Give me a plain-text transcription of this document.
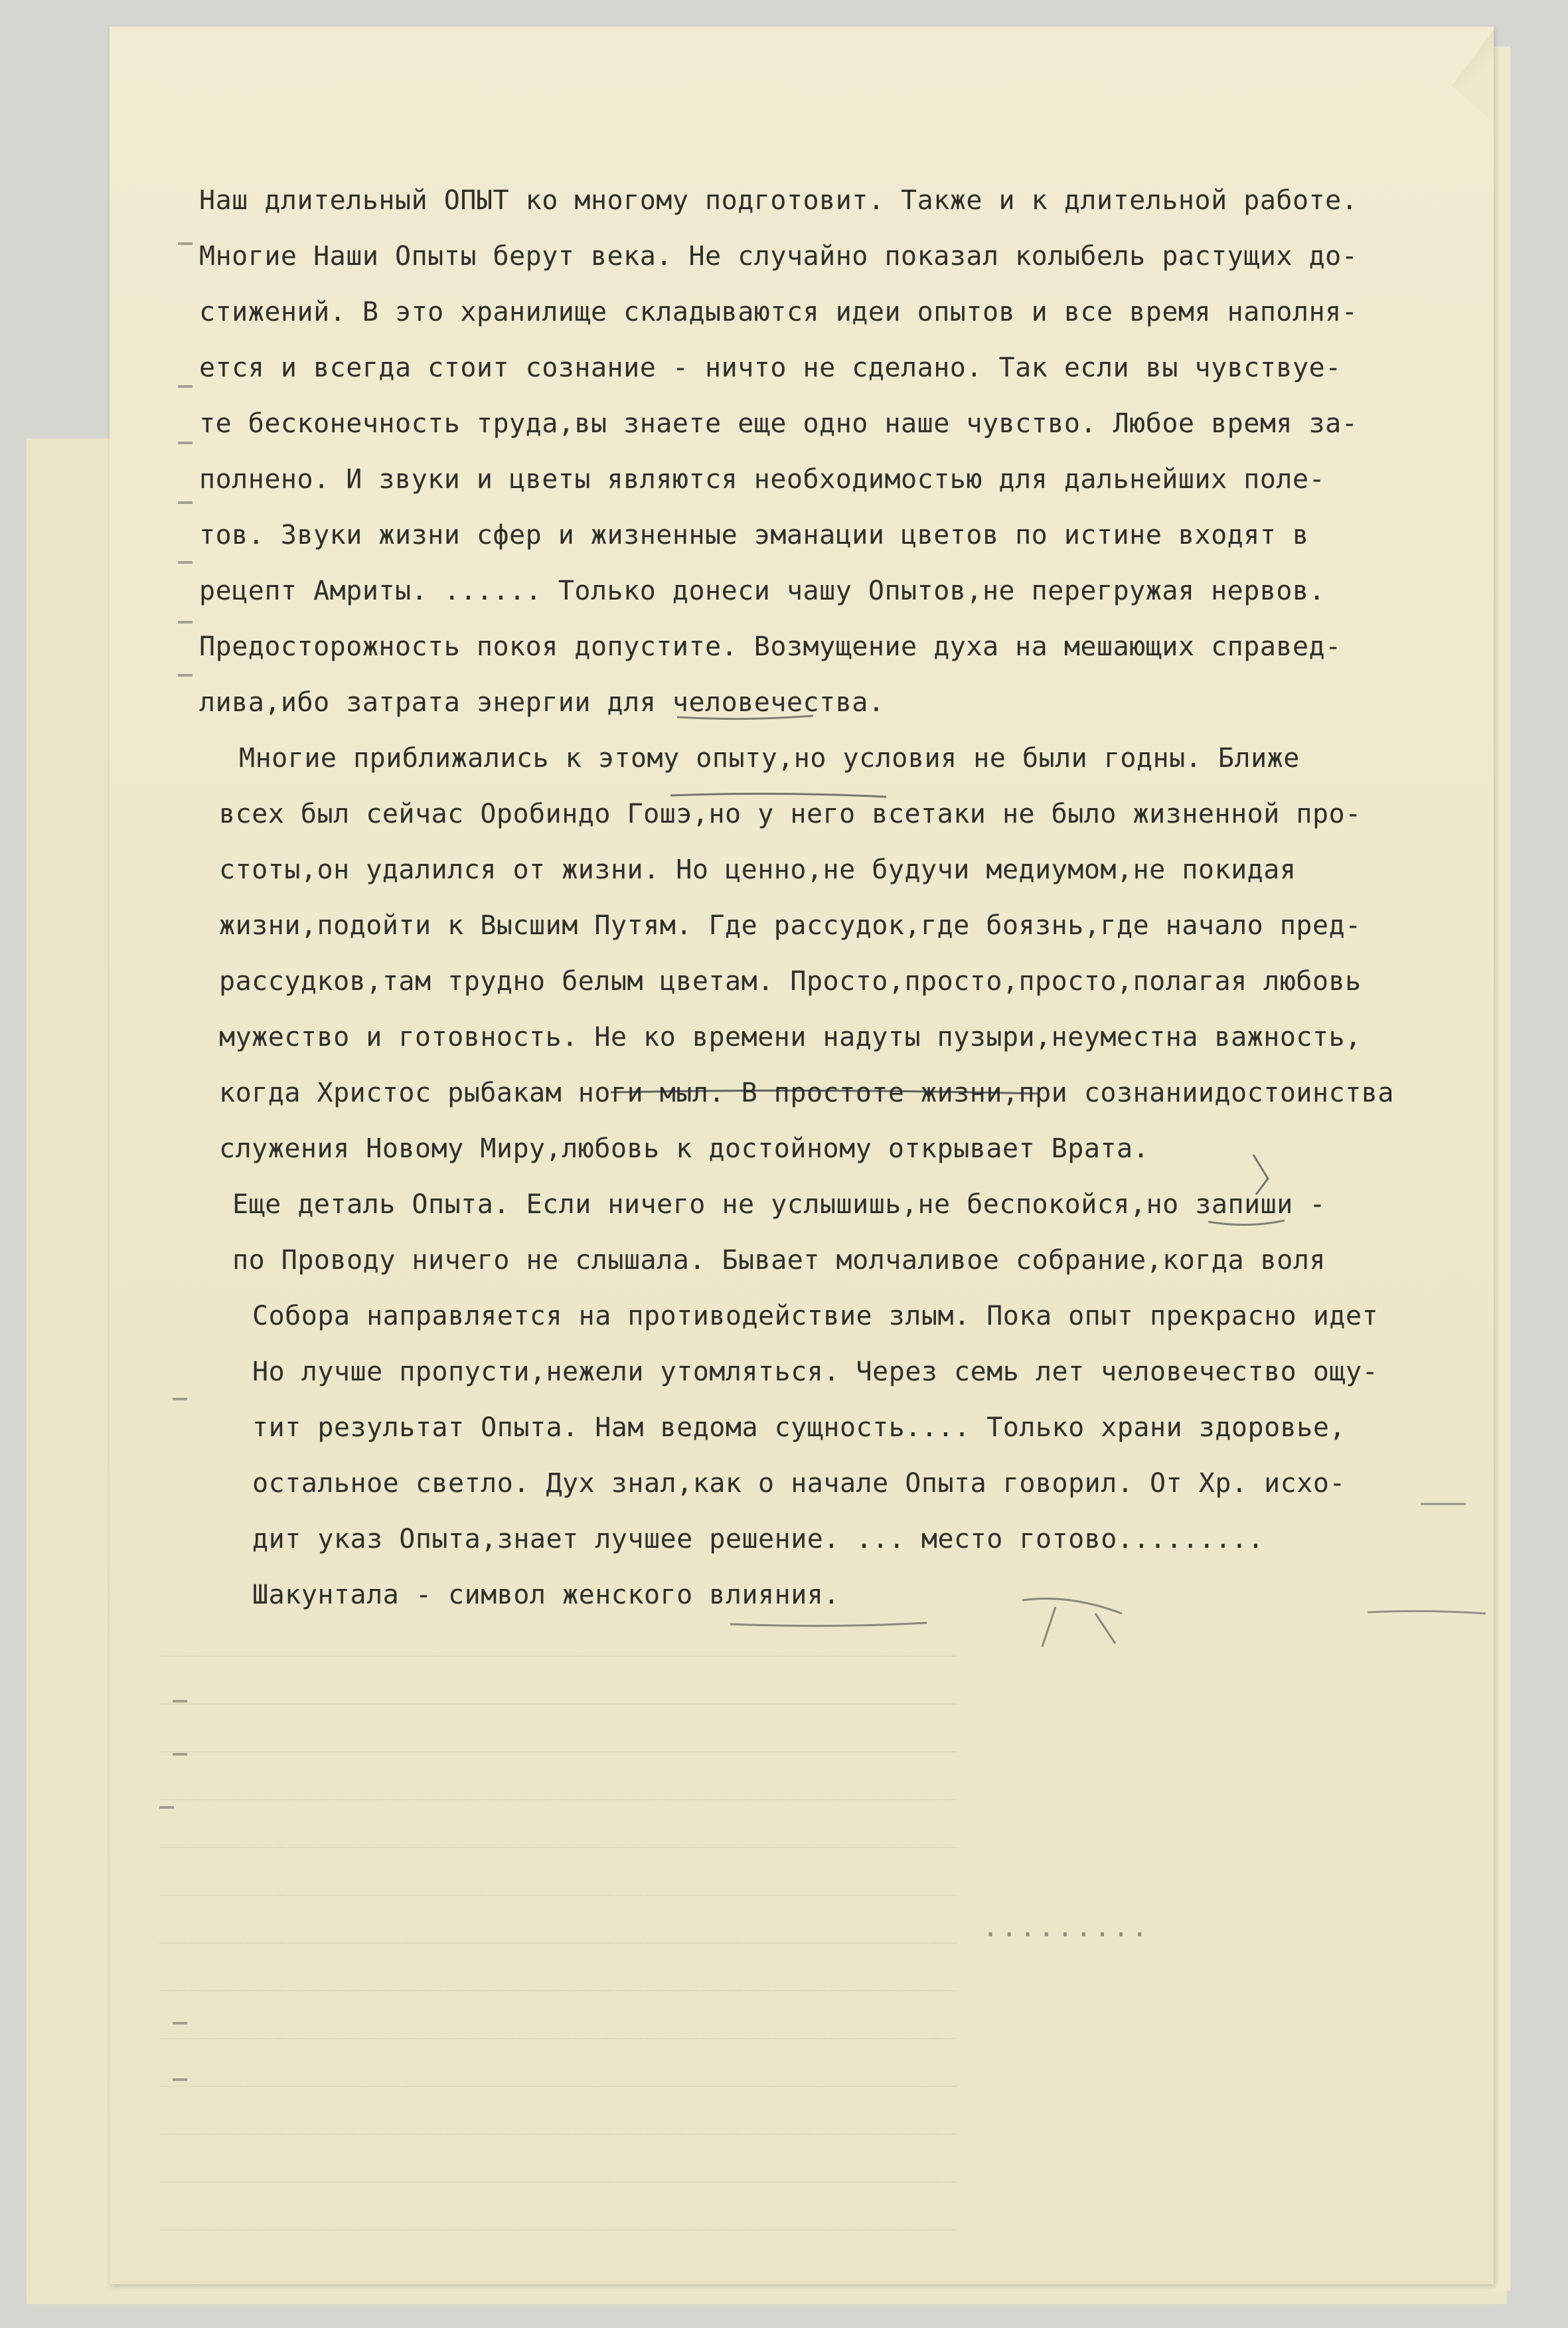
________________________________________________________
________________________________________________________
________________________________________________________
________________________________________________________
________________________________________________________
________________________________________________________
________________________________________________________
________________________________________________________
________________________________________________________
________________________________________________________
________________________________________________________
________________________________________________________
________________________________________________________
Наш длительный ОПЫТ ко многому подготовит. Также и к длительной работе.
Многие Наши Опыты берут века. Не случайно показал колыбель растущих до-
стижений. В это хранилище складываются идеи опытов и все время наполня-
ется и всегда стоит сознание - ничто не сделано. Так если вы чувствуе-
те бесконечность труда,вы знаете еще одно наше чувство. Любое время за-
полнено. И звуки и цветы являются необходимостью для дальнейших поле-
тов. Звуки жизни сфер и жизненные эманации цветов по истине входят в
рецепт Амриты. ...... Только донеси чашу Опытов,не перегружая нервов.
Предосторожность покоя допустите. Возмущение духа на мешающих справед-
лива,ибо затрата энергии для человечества.
Многие приближались к этому опыту,но условия не были годны. Ближе
всех был сейчас Оробиндо Гошэ,но у него всетаки не было жизненной про-
стоты,он удалился от жизни. Но ценно,не будучи медиумом,не покидая
жизни,подойти к Высшим Путям. Где рассудок,где боязнь,где начало пред-
рассудков,там трудно белым цветам. Просто,просто,просто,полагая любовь
мужество и готовность. Не ко времени надуты пузыри,неуместна важность,
когда Христос рыбакам ноги мыл. В простоте жизни,при сознаниидостоинства
служения Новому Миру,любовь к достойному открывает Врата.
Еще деталь Опыта. Если ничего не услышишь,не беспокойся,но запиши -
по Проводу ничего не слышала. Бывает молчаливое собрание,когда воля
Собора направляется на противодействие злым. Пока опыт прекрасно идет
Но лучше пропусти,нежели утомляться. Через семь лет человечество ощу-
тит результат Опыта. Нам ведома сущность.... Только храни здоровье,
остальное светло. Дух знал,как о начале Опыта говорил. От Хр. исхо-
дит указ Опыта,знает лучшее решение. ... место готово.........
Шакунтала - символ женского влияния.
.........
